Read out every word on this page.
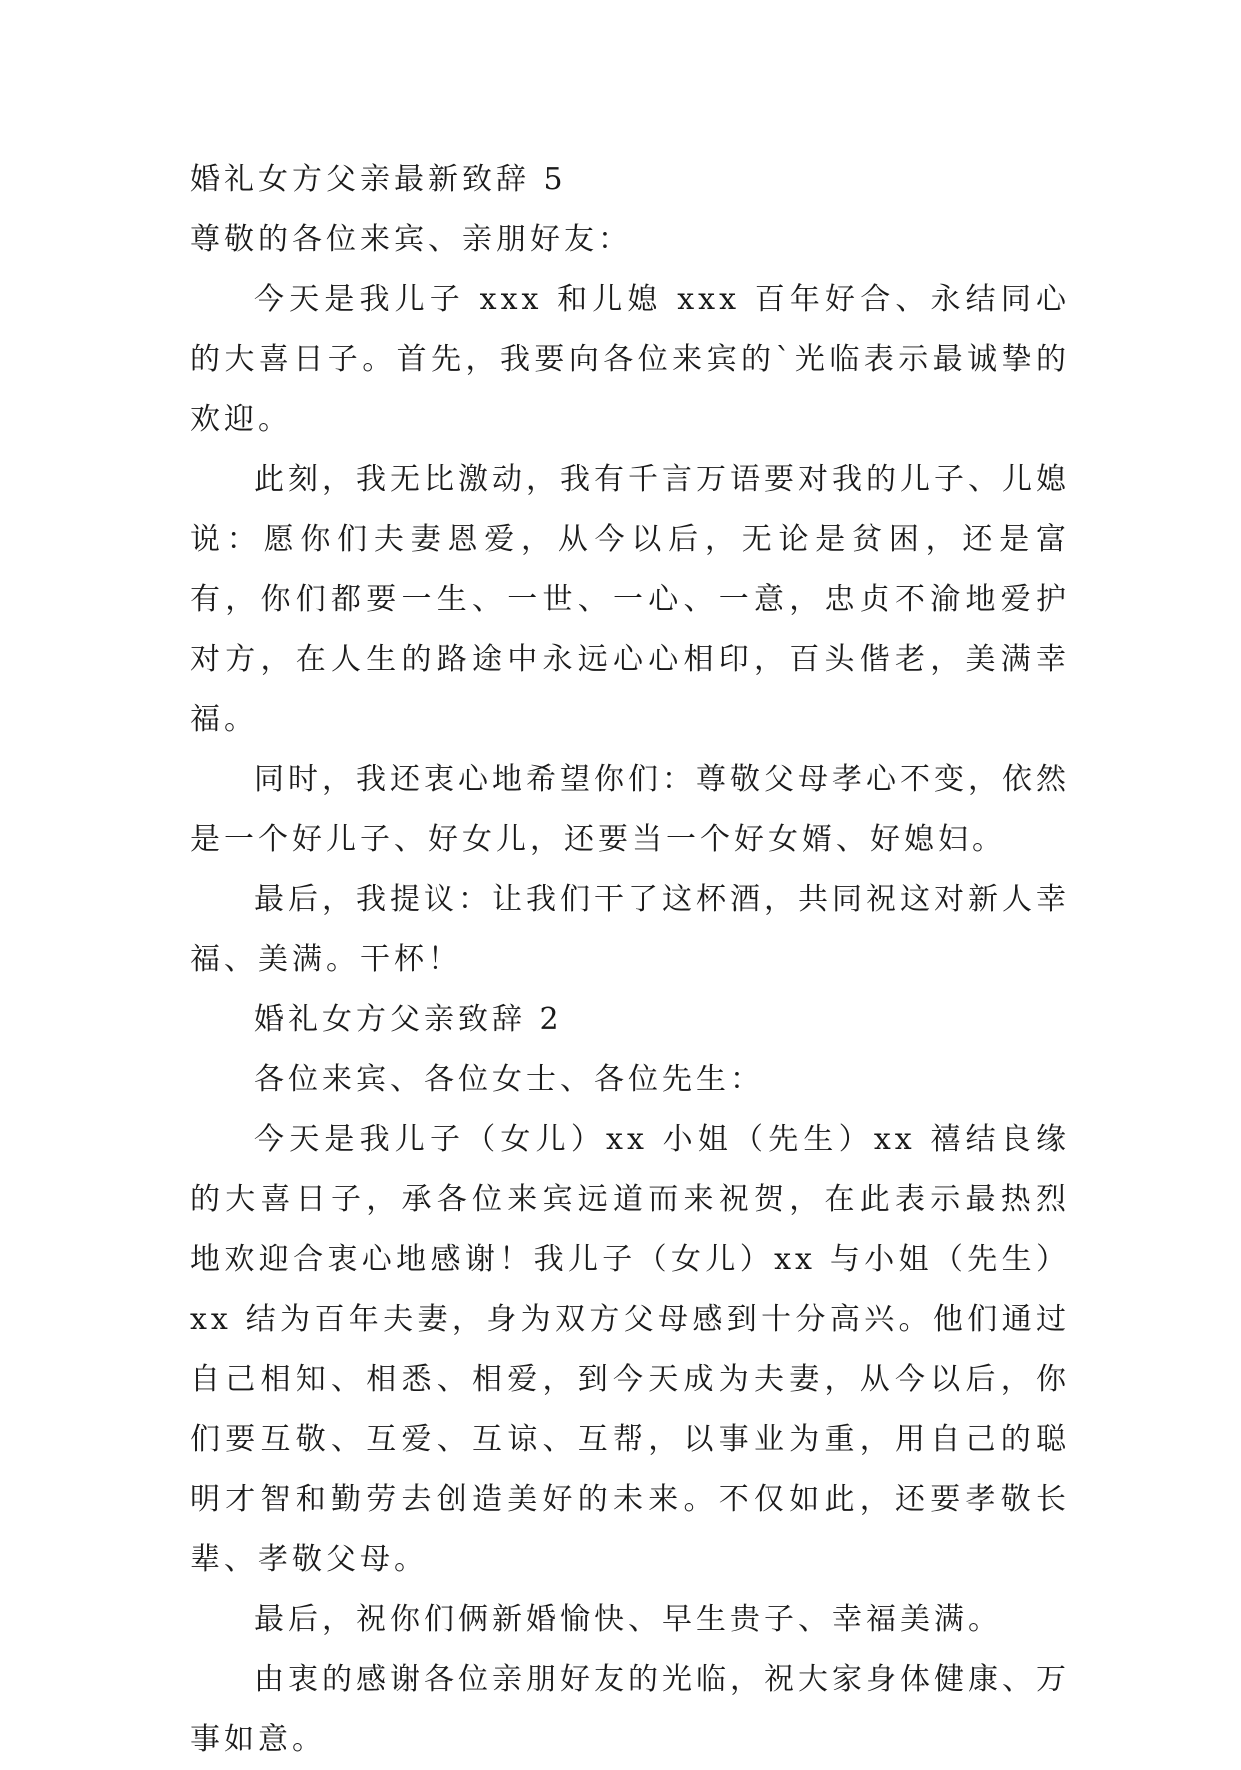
婚礼女方父亲最新致辞 5

尊敬的各位来宾、亲朋好友：

今天是我儿子 xxx 和儿媳 xxx 百年好合、永结同心的大喜日子。首先，我要向各位来宾的`光临表示最诚挚的欢迎。

此刻，我无比激动，我有千言万语要对我的儿子、儿媳说：愿你们夫妻恩爱，从今以后，无论是贫困，还是富有，你们都要一生、一世、一心、一意，忠贞不渝地爱护对方，在人生的路途中永远心心相印，百头偕老，美满幸福。

同时，我还衷心地希望你们：尊敬父母孝心不变，依然是一个好儿子、好女儿，还要当一个好女婿、好媳妇。

最后，我提议：让我们干了这杯酒，共同祝这对新人幸福、美满。干杯！

婚礼女方父亲致辞 2

各位来宾、各位女士、各位先生：

今天是我儿子（女儿）xx 小姐（先生）xx 禧结良缘的大喜日子，承各位来宾远道而来祝贺，在此表示最热烈地欢迎合衷心地感谢！我儿子（女儿）xx 与小姐（先生）xx 结为百年夫妻，身为双方父母感到十分高兴。他们通过自己相知、相悉、相爱，到今天成为夫妻，从今以后，你们要互敬、互爱、互谅、互帮，以事业为重，用自己的聪明才智和勤劳去创造美好的未来。不仅如此，还要孝敬长辈、孝敬父母。

最后，祝你们俩新婚愉快、早生贵子、幸福美满。

由衷的感谢各位亲朋好友的光临，祝大家身体健康、万事如意。
